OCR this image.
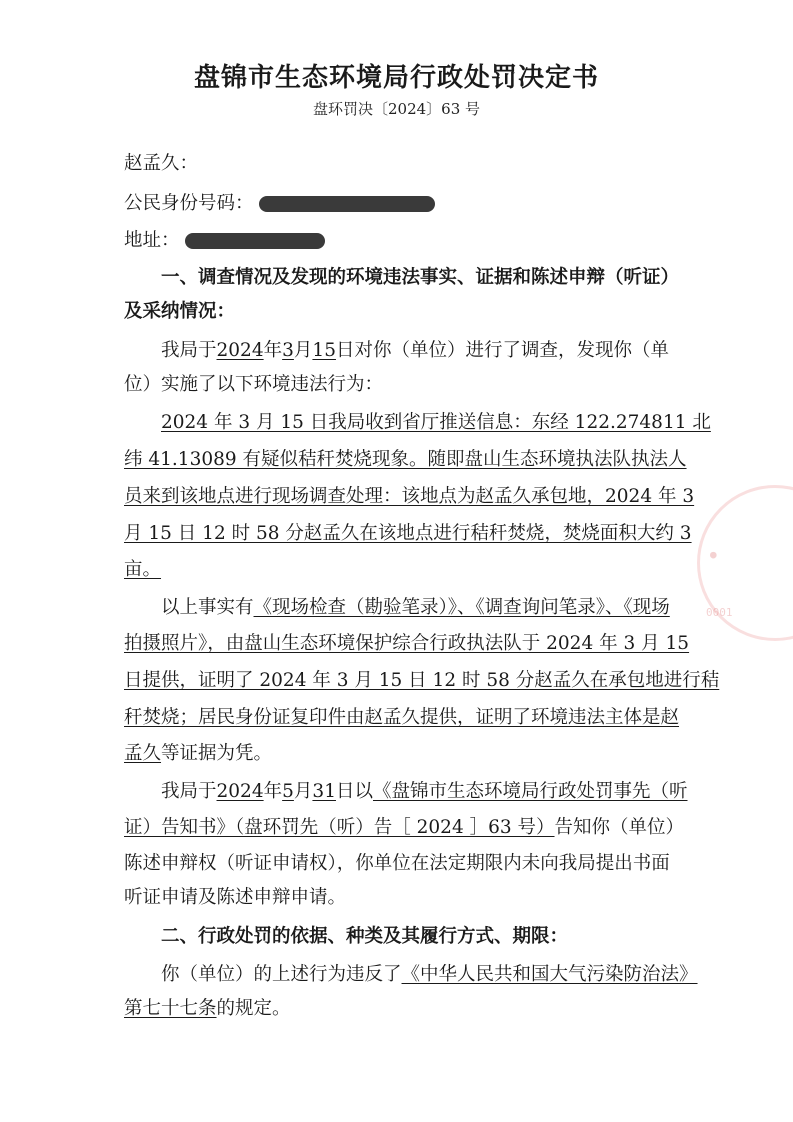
盘锦市生态环境局行政处罚决定书
盘环罚决〔2024〕63 号
赵孟久：
公民身份号码：
地址：
一、调查情况及发现的环境违法事实、证据和陈述申辩（听证）
及采纳情况：
我局于2024年3月15日对你（单位）进行了调查，发现你（单
位）实施了以下环境违法行为：
2024 年 3 月 15 日我局收到省厅推送信息：东经 122.274811 北
纬 41.13089 有疑似秸秆焚烧现象。随即盘山生态环境执法队执法人
员来到该地点进行现场调查处理：该地点为赵孟久承包地，2024 年 3
月 15 日 12 时 58 分赵孟久在该地点进行秸秆焚烧，焚烧面积大约 3
亩。
以上事实有《现场检查（勘验笔录）》、《调查询问笔录》、《现场
拍摄照片》，由盘山生态环境保护综合行政执法队于 2024 年 3 月 15
日提供，证明了 2024 年 3 月 15 日 12 时 58 分赵孟久在承包地进行秸
秆焚烧；居民身份证复印件由赵孟久提供，证明了环境违法主体是赵
孟久等证据为凭。
我局于2024年5月31日以《盘锦市生态环境局行政处罚事先（听
证）告知书》（盘环罚先（听）告［ 2024 ］63 号）告知你（单位）
陈述申辩权（听证申请权），你单位在法定期限内未向我局提出书面
听证申请及陈述申辩申请。
二、行政处罚的依据、种类及其履行方式、期限：
你（单位）的上述行为违反了《中华人民共和国大气污染防治法》
第七十七条的规定。
●
0001
